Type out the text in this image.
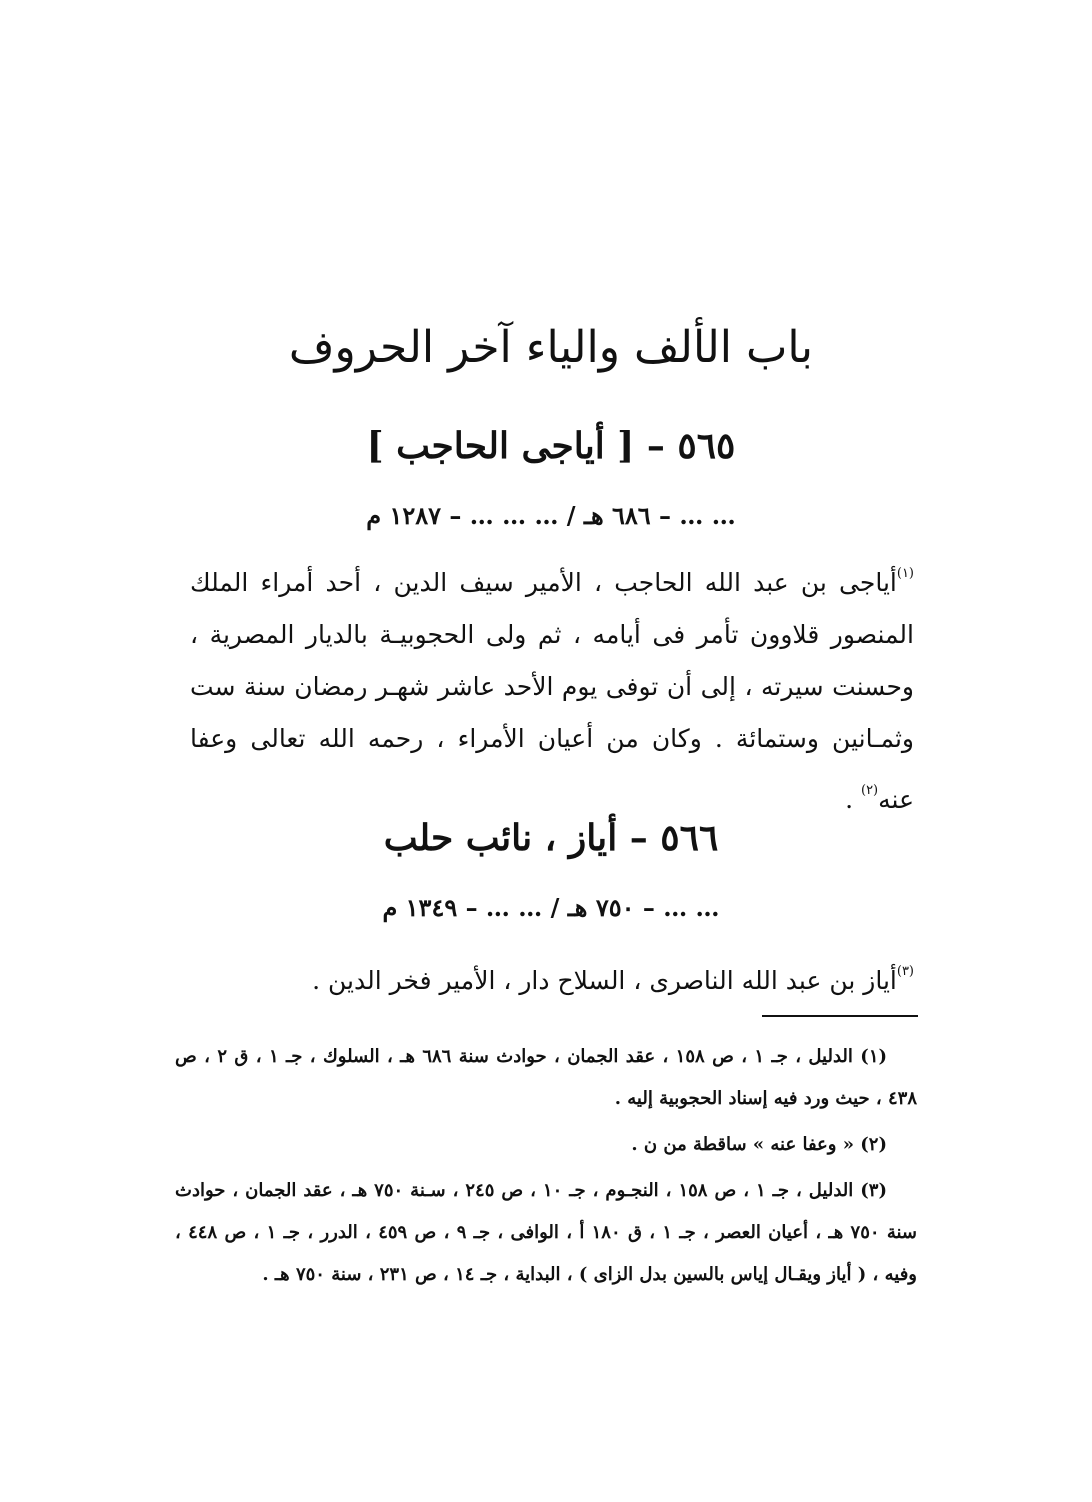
باب الألف والياء آخر الحروف
٥٦٥ – [ أياجى الحاجب ]
… … – ٦٨٦ هـ / … … … – ١٢٨٧ م
$^{(١)}$أياجى بن عبد الله الحاجب ، الأمير سيف الدين ، أحد أمراء الملك المنصور قلاوون تأمر فى أيامه ، ثم ولى الحجوبيـة بالديار المصرية ، وحسنت سيرته ، إلى أن توفى يوم الأحد عاشر شهـر رمضان سنة ست وثمـانين وستمائة . وكان من أعيان الأمراء ، رحمه الله تعالى وعفا عنه$^{(٢)}$ .
٥٦٦ – أياز ، نائب حلب
… … – ٧٥٠ هـ / … … – ١٣٤٩ م
$^{(٣)}$أياز بن عبد الله الناصرى ، السلاح دار ، الأمير فخر الدين .

(١) الدليل ، جـ ١ ، ص ١٥٨ ، عقد الجمان ، حوادث سنة ٦٨٦ هـ ، السلوك ، جـ ١ ، ق ٢ ، ص ٤٣٨ ، حيث ورد فيه إسناد الحجوبية إليه .

(٢) « وعفا عنه » ساقطة من ن .

(٣) الدليل ، جـ ١ ، ص ١٥٨ ، النجـوم ، جـ ١٠ ، ص ٢٤٥ ، سـنة ٧٥٠ هـ ، عقد الجمان ، حوادث سنة ٧٥٠ هـ ، أعيان العصر ، جـ ١ ، ق ١٨٠ أ ، الوافى ، جـ ٩ ، ص ٤٥٩ ، الدرر ، جـ ١ ، ص ٤٤٨ ، وفيه ، ( أياز ويقـال إياس بالسين بدل الزاى ) ، البداية ، جـ ١٤ ، ص ٢٣١ ، سنة ٧٥٠ هـ .
